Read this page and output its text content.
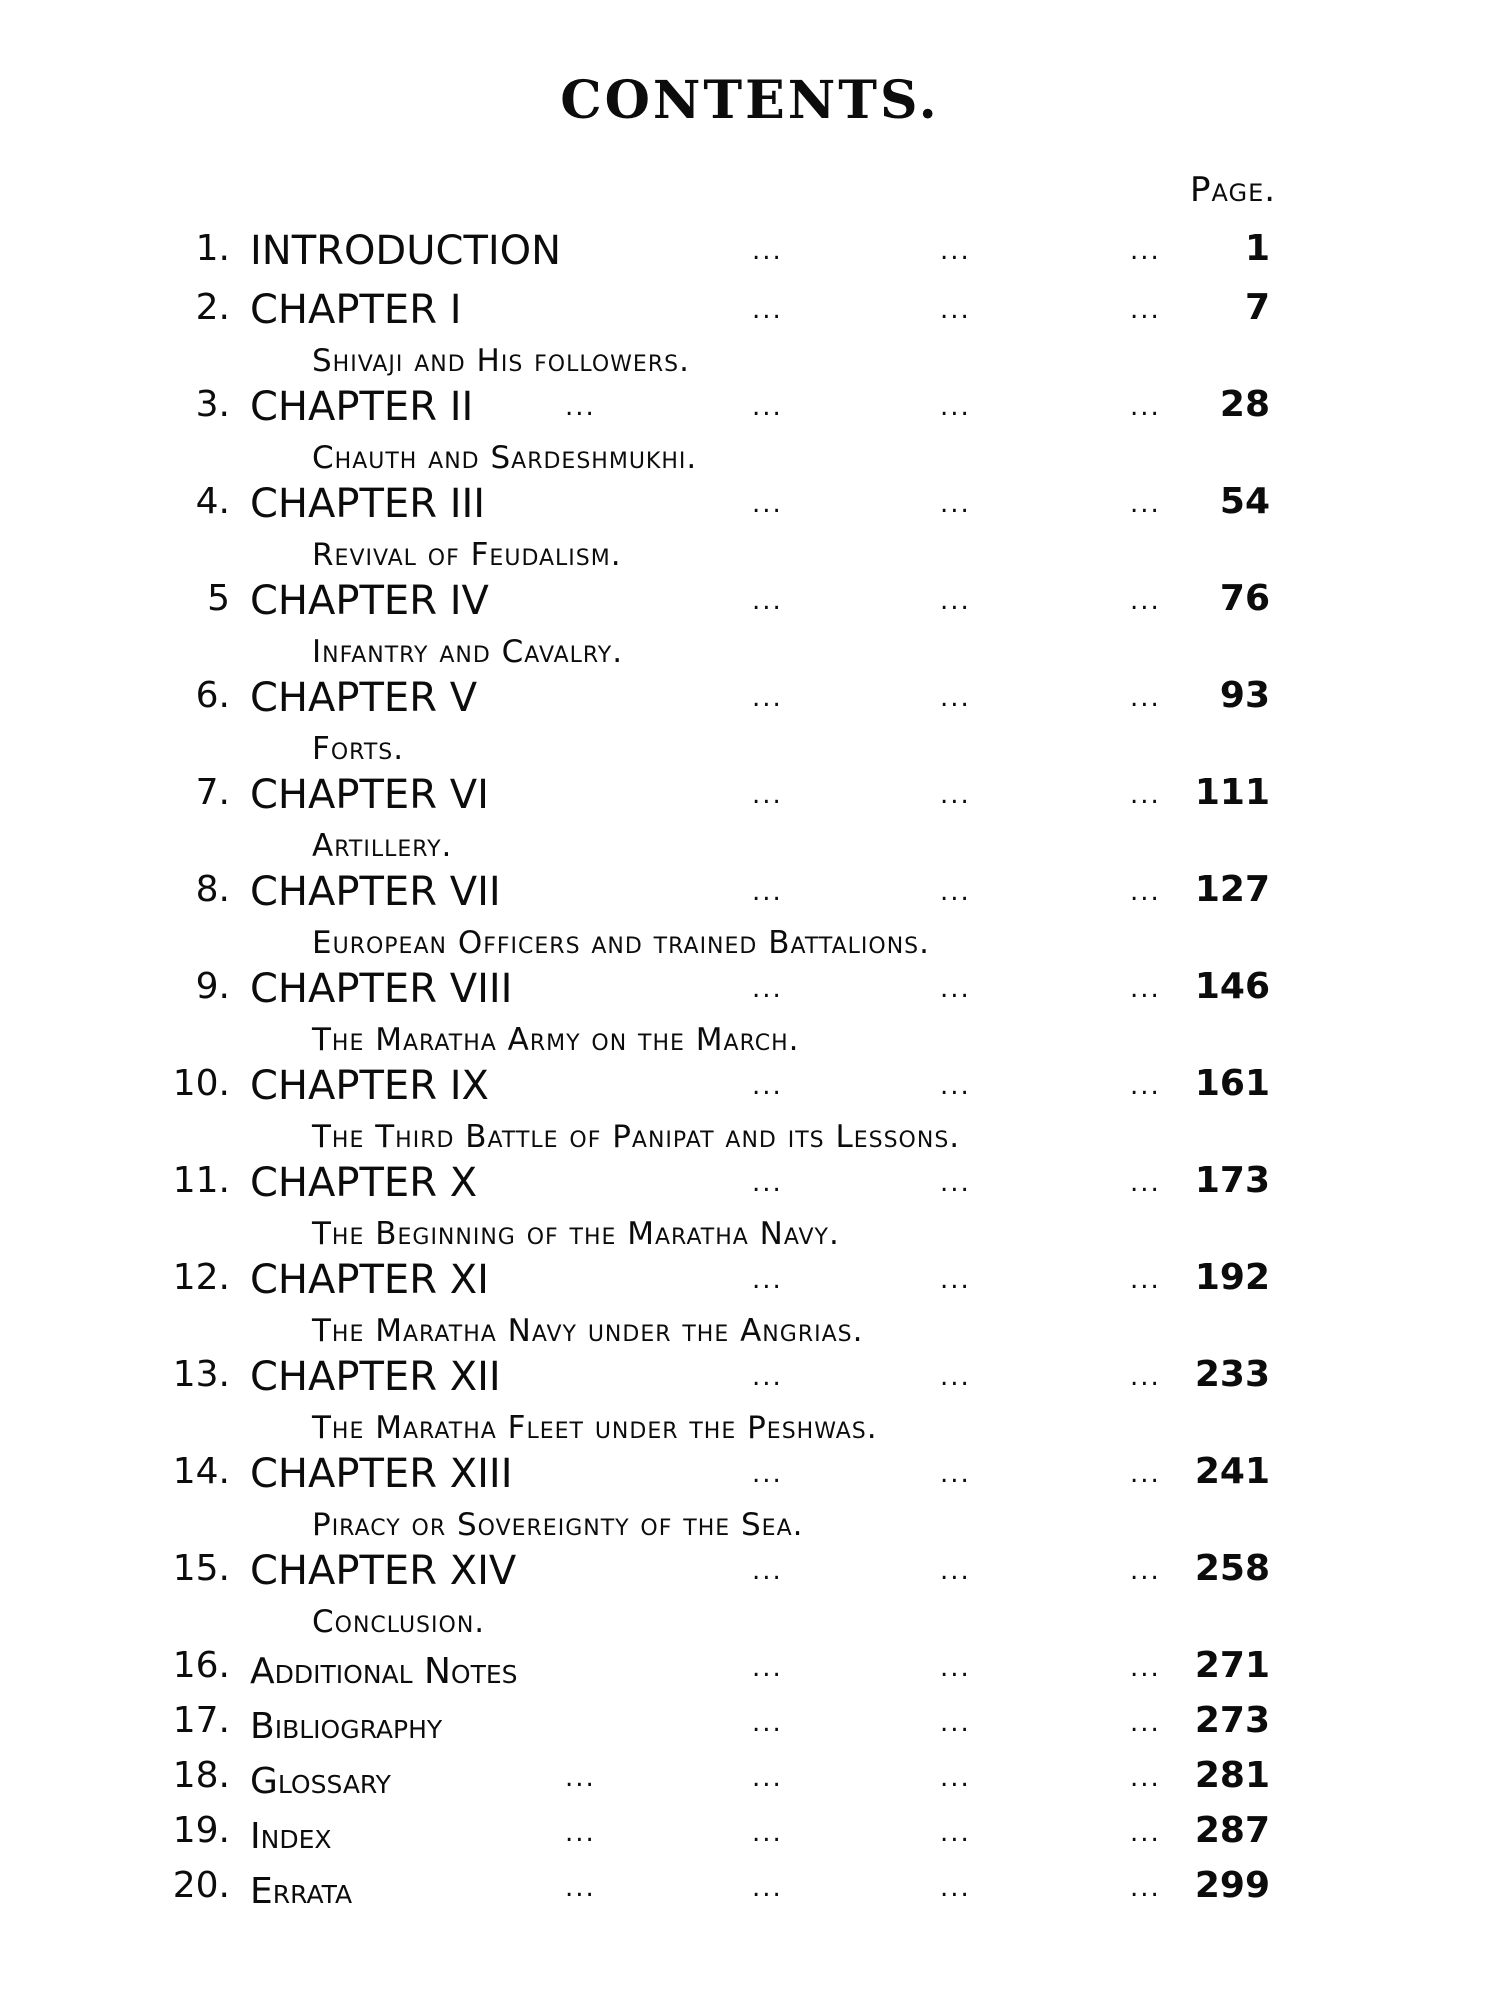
CONTENTS.
Page.
1. INTRODUCTION	...	...	...	1
2. CHAPTER I	...	...	...	7
Shivaji and His followers.
3. CHAPTER II	...	...	...	...	28
Chauth and Sardeshmukhi.
4. CHAPTER III	...	...	...	54
Revival of Feudalism.
5 CHAPTER IV	...	...	...	76
Infantry and Cavalry.
6. CHAPTER V	...	...	...	93
Forts.
7. CHAPTER VI	...	...	... 111
Artillery.
8. CHAPTER VII	...	...	... 127
European Officers and trained Battalions.
9. CHAPTER VIII	...	...	... 146
The Maratha Army on the March.
10. CHAPTER IX	...	...	... 161
The Third Battle of Panipat and its Lessons.
11. CHAPTER X	...	...	... 173
The Beginning of the Maratha Navy.
12. CHAPTER XI	...	...	... 192
The Maratha Navy under the Angrias.
13. CHAPTER XII	...	...	... 233
The Maratha Fleet under the Peshwas.
14. CHAPTER XIII	...	...	... 241
Piracy or Sovereignty of the Sea.
15. CHAPTER XIV	...	...	... 258
Conclusion.
16. Additional Notes	...	...	... 271
17. Bibliography	...	...	... 273
18. Glossary	...	...	...	... 281
19. Index	...	...	...	... 287
20. Errata	...	...	...	... 299
